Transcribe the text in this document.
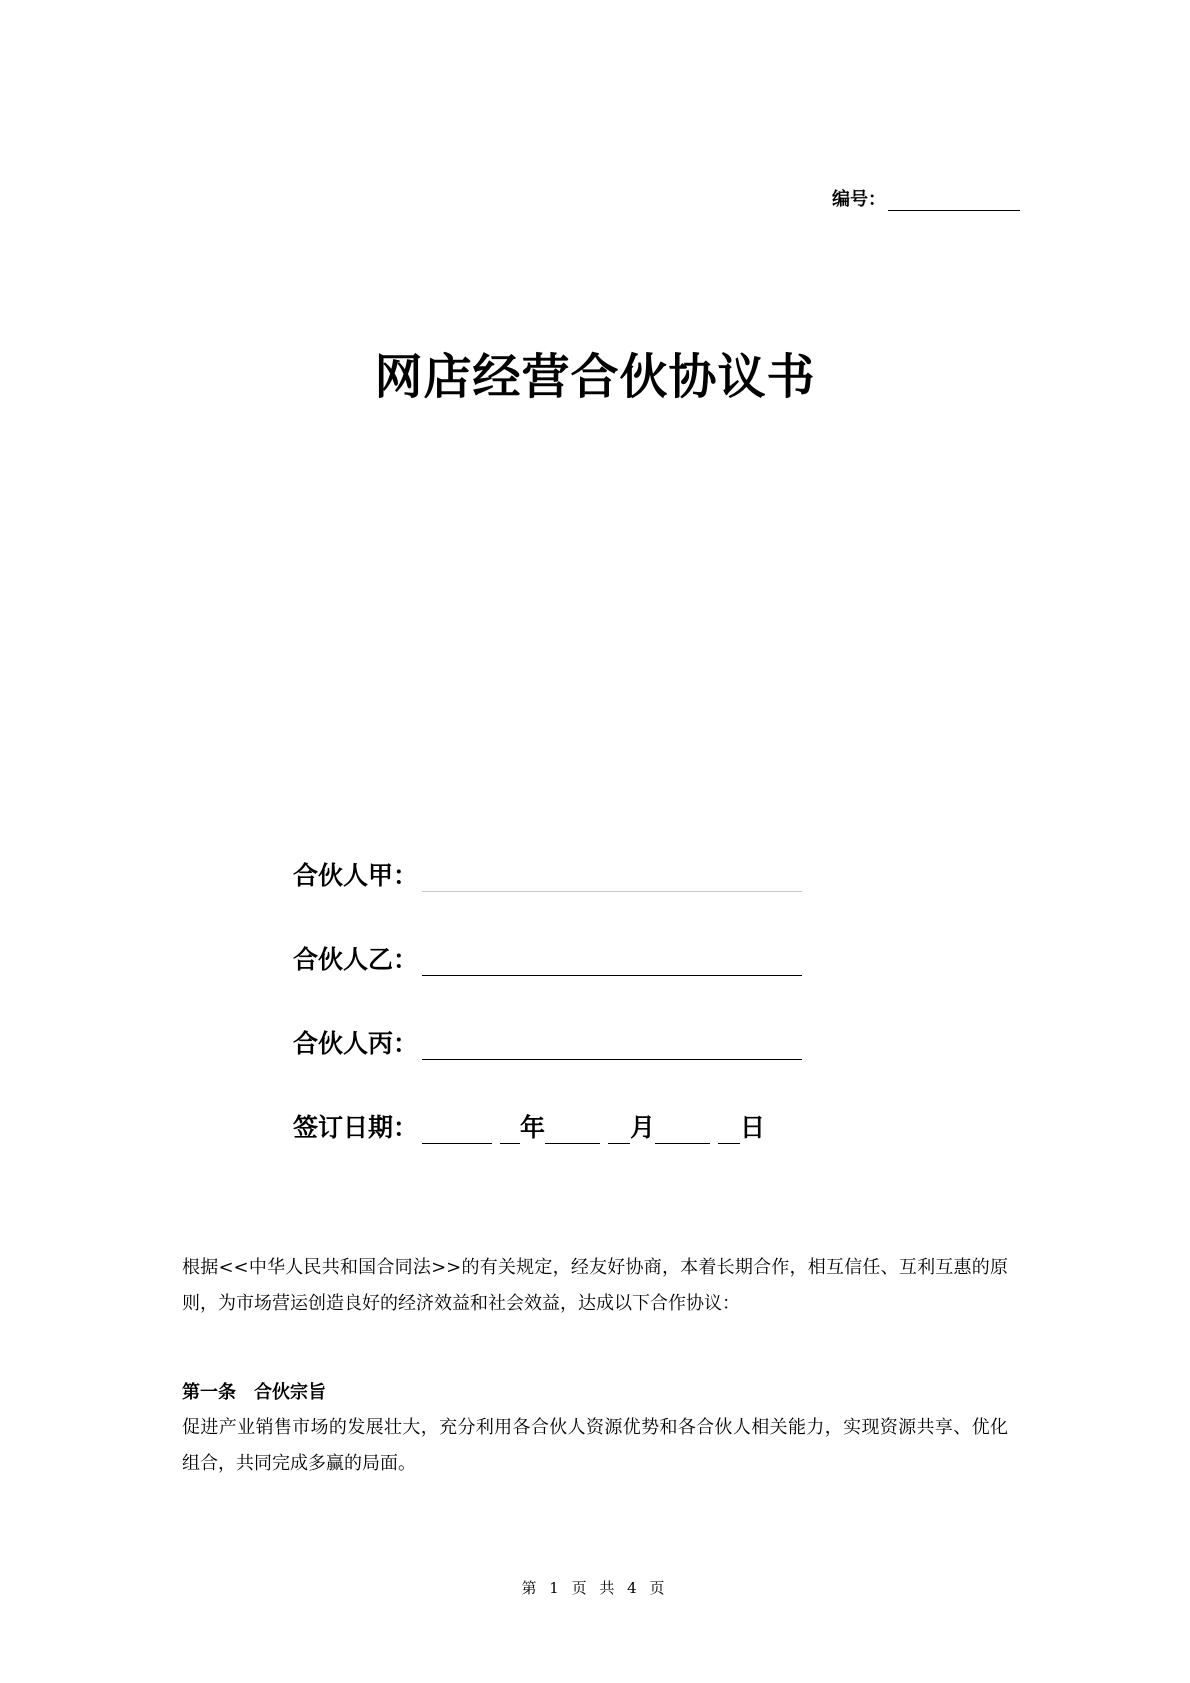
编号：
网店经营合伙协议书
合伙人甲：
合伙人乙：
合伙人丙：
签订日期：	年	月	日

根据<<中华人民共和国合同法>>的有关规定，经友好协商，本着长期合作，相互信任、互利互惠的原则，为市场营运创造良好的经济效益和社会效益，达成以下合作协议：

第一条 合伙宗旨

促进产业销售市场的发展壮大，充分利用各合伙人资源优势和各合伙人相关能力，实现资源共享、优化组合，共同完成多赢的局面。

第 1 页 共 4 页
